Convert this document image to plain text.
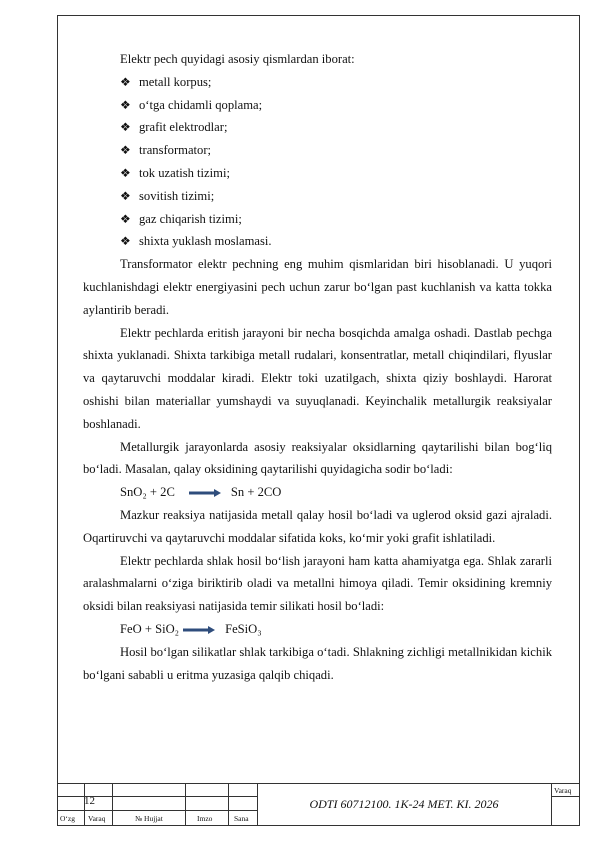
Elektr pech quyidagi asosiy qismlardan iborat:

❖ metall korpus;

❖ o‘tga chidamli qoplama;

❖ grafit elektrodlar;

❖ transformator;

❖ tok uzatish tizimi;

❖ sovitish tizimi;

❖ gaz chiqarish tizimi;

❖ shixta yuklash moslamasi.

Transformator elektr pechning eng muhim qismlaridan biri hisoblanadi. U yuqori kuchlanishdagi elektr energiyasini pech uchun zarur bo‘lgan past kuchlanish va katta tokka aylantirib beradi.

Elektr pechlarda eritish jarayoni bir necha bosqichda amalga oshadi. Dastlab pechga shixta yuklanadi. Shixta tarkibiga metall rudalari, konsentratlar, metall chiqindilari, flyuslar va qaytaruvchi moddalar kiradi. Elektr toki uzatilgach, shixta qiziy boshlaydi. Harorat oshishi bilan materiallar yumshaydi va suyuqlanadi. Keyinchalik metallurgik reaksiyalar boshlanadi.

Metallurgik jarayonlarda asosiy reaksiyalar oksidlarning qaytarilishi bilan bog‘liq bo‘ladi. Masalan, qalay oksidining qaytarilishi quyidagicha sodir bo‘ladi:

SnO₂ + 2C → Sn + 2CO

Mazkur reaksiya natijasida metall qalay hosil bo‘ladi va uglerod oksid gazi ajraladi. Oqartiruvchi va qaytaruvchi moddalar sifatida koks, ko‘mir yoki grafit ishlatiladi.

Elektr pechlarda shlak hosil bo‘lish jarayoni ham katta ahamiyatga ega. Shlak zararli aralashmalarni o‘ziga biriktirib oladi va metallni himoya qiladi. Temir oksidining kremniy oksidi bilan reaksiyasi natijasida temir silikati hosil bo‘ladi:

FeO + SiO₂ → FeSiO₃

Hosil bo‘lgan silikatlar shlak tarkibiga o‘tadi. Shlakning zichligi metallnikidan kichik bo‘lgani sababli u eritma yuzasiga qalqib chiqadi.

12	ODTI 60712100. 1K-24 MET. KI. 2026
Varaq
O‘zg Varaq	№ Hujjat	Imzo	Sana
